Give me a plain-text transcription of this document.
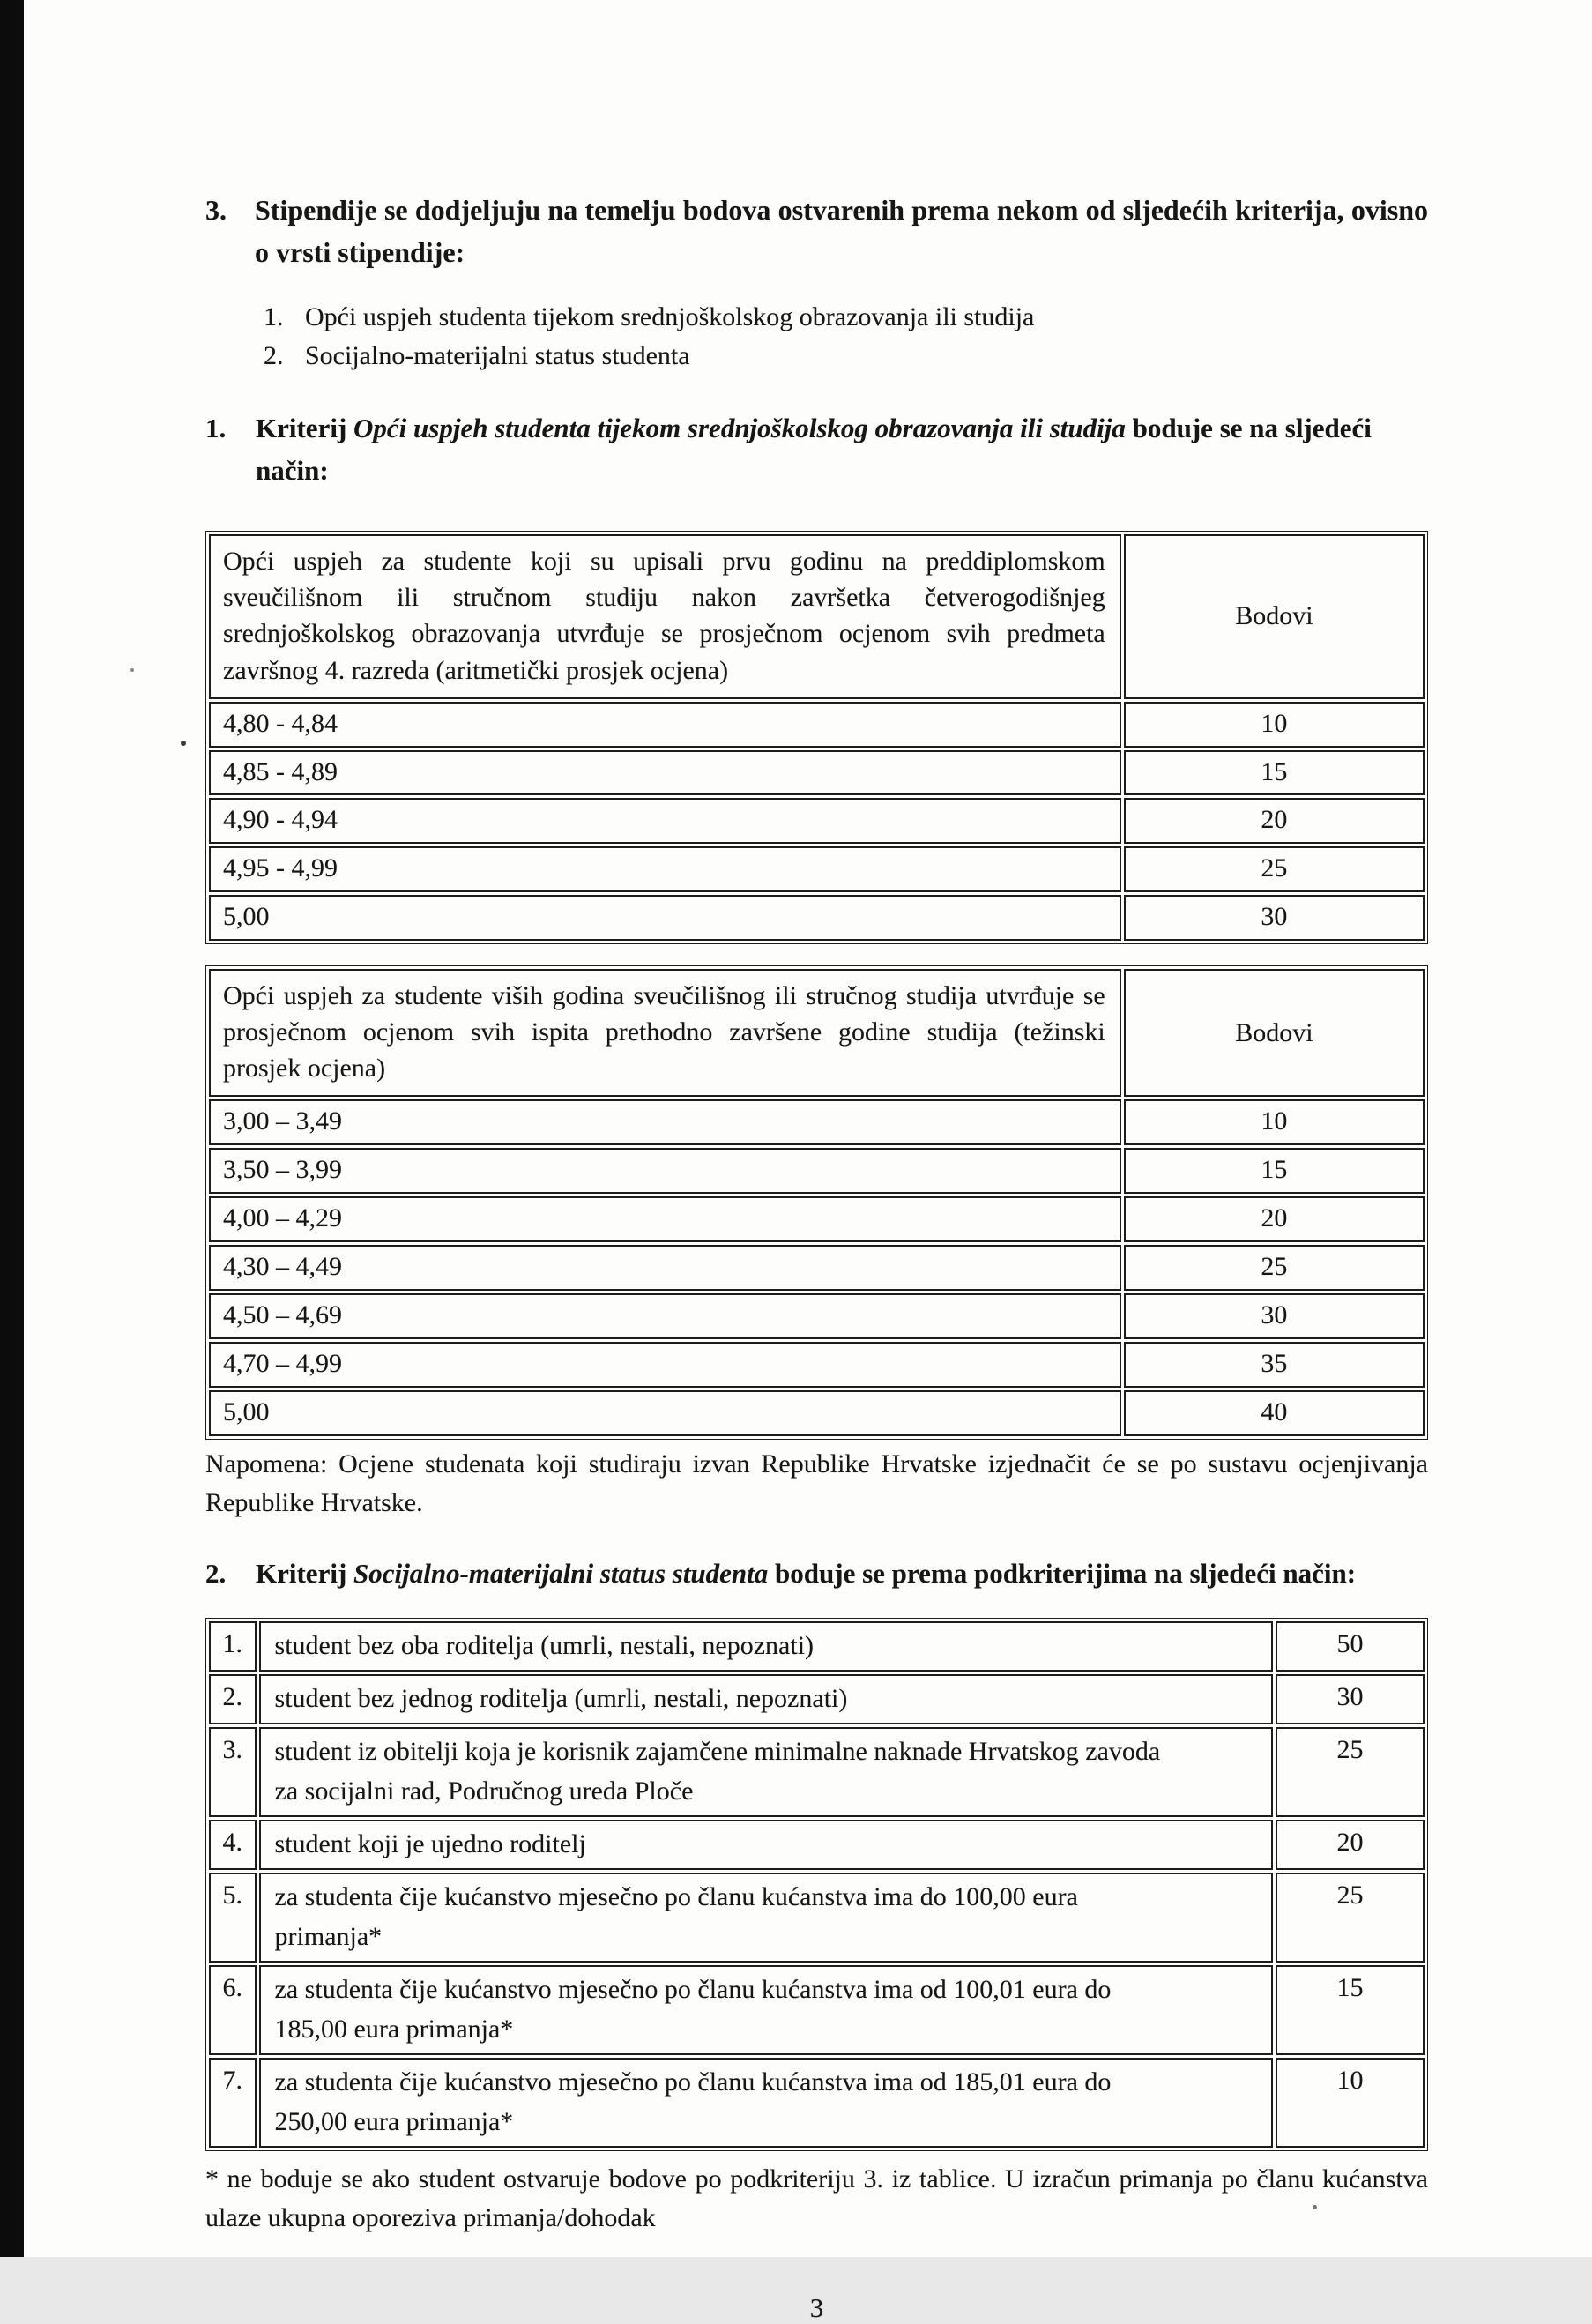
3.	Stipendije se dodjeljuju na temelju bodova ostvarenih prema nekom od sljedećih kriterija, ovisno o vrsti stipendije:
1. Opći uspjeh studenta tijekom srednjoškolskog obrazovanja ili studija
2. Socijalno-materijalni status studenta
1.	Kriterij Opći uspjeh studenta tijekom srednjoškolskog obrazovanja ili studija boduje se na sljedeći način:
Opći uspjeh za studente koji su upisali prvu godinu na preddiplomskom sveučilišnom ili stručnom studiju nakon završetka četverogodišnjeg srednjoškolskog obrazovanja utvrđuje se prosječnom ocjenom svih predmeta završnog 4. razreda (aritmetički prosjek ocjena)	Bodovi
4,80 - 4,84	10
4,85 - 4,89	15
4,90 - 4,94	20
4,95 - 4,99	25
5,00	30
Opći uspjeh za studente viših godina sveučilišnog ili stručnog studija utvrđuje se prosječnom ocjenom svih ispita prethodno završene godine studija (težinski prosjek ocjena)	Bodovi
3,00 – 3,49	10
3,50 – 3,99	15
4,00 – 4,29	20
4,30 – 4,49	25
4,50 – 4,69	30
4,70 – 4,99	35
5,00	40

Napomena: Ocjene studenata koji studiraju izvan Republike Hrvatske izjednačit će se po sustavu ocjenjivanja Republike Hrvatske.

2.	Kriterij Socijalno-materijalni status studenta boduje se prema podkriterijima na sljedeći način:
1.	student bez oba roditelja (umrli, nestali, nepoznati)	50
2.	student bez jednog roditelja (umrli, nestali, nepoznati)	30
3.	student iz obitelji koja je korisnik zajamčene minimalne naknade Hrvatskog zavoda za socijalni rad, Područnog ureda Ploče	25
4.	student koji je ujedno roditelj	20
5.	za studenta čije kućanstvo mjesečno po članu kućanstva ima do 100,00 eura primanja*	25
6.	za studenta čije kućanstvo mjesečno po članu kućanstva ima od 100,01 eura do 185,00 eura primanja*	15
7.	za studenta čije kućanstvo mjesečno po članu kućanstva ima od 185,01 eura do 250,00 eura primanja*	10

* ne boduje se ako student ostvaruje bodove po podkriteriju 3. iz tablice. U izračun primanja po članu kućanstva ulaze ukupna oporeziva primanja/dohodak

3
